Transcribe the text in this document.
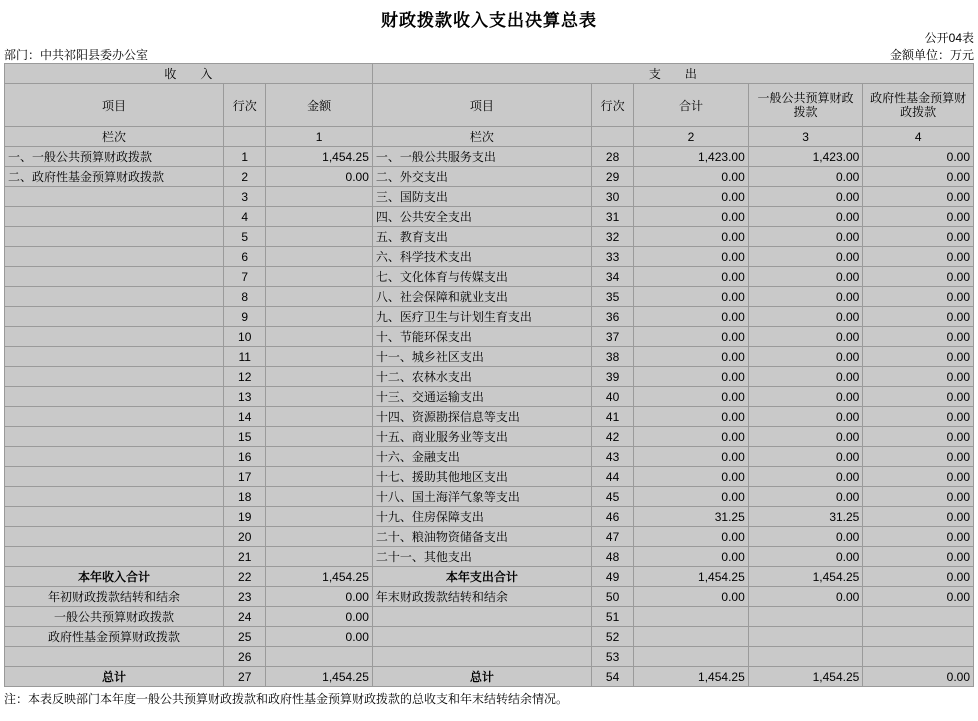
财政拨款收入支出决算总表
公开04表
部门：中共祁阳县委办公室	金额单位：万元
收　　入			支　　出				
项目	行次	金额	项目	行次	合计	一般公共预算财政拨款	政府性基金预算财政拨款
栏次		1	栏次		2	3	4
一、一般公共预算财政拨款	1	1,454.25	一、一般公共服务支出	28	1,423.00	1,423.00	0.00
二、政府性基金预算财政拨款	2	0.00	二、外交支出	29	0.00	0.00	0.00
	3		三、国防支出	30	0.00	0.00	0.00
	4		四、公共安全支出	31	0.00	0.00	0.00
	5		五、教育支出	32	0.00	0.00	0.00
	6		六、科学技术支出	33	0.00	0.00	0.00
	7		七、文化体育与传媒支出	34	0.00	0.00	0.00
	8		八、社会保障和就业支出	35	0.00	0.00	0.00
	9		九、医疗卫生与计划生育支出	36	0.00	0.00	0.00
	10		十、节能环保支出	37	0.00	0.00	0.00
	11		十一、城乡社区支出	38	0.00	0.00	0.00
	12		十二、农林水支出	39	0.00	0.00	0.00
	13		十三、交通运输支出	40	0.00	0.00	0.00
	14		十四、资源勘探信息等支出	41	0.00	0.00	0.00
	15		十五、商业服务业等支出	42	0.00	0.00	0.00
	16		十六、金融支出	43	0.00	0.00	0.00
	17		十七、援助其他地区支出	44	0.00	0.00	0.00
	18		十八、国土海洋气象等支出	45	0.00	0.00	0.00
	19		十九、住房保障支出	46	31.25	31.25	0.00
	20		二十、粮油物资储备支出	47	0.00	0.00	0.00
	21		二十一、其他支出	48	0.00	0.00	0.00
本年收入合计	22	1,454.25	本年支出合计	49	1,454.25	1,454.25	0.00
年初财政拨款结转和结余	23	0.00	年末财政拨款结转和结余	50	0.00	0.00	0.00
一般公共预算财政拨款	24	0.00		51			
政府性基金预算财政拨款	25	0.00		52			
	26			53			
总计	27	1,454.25	总计	54	1,454.25	1,454.25	0.00
注：本表反映部门本年度一般公共预算财政拨款和政府性基金预算财政拨款的总收支和年末结转结余情况。
